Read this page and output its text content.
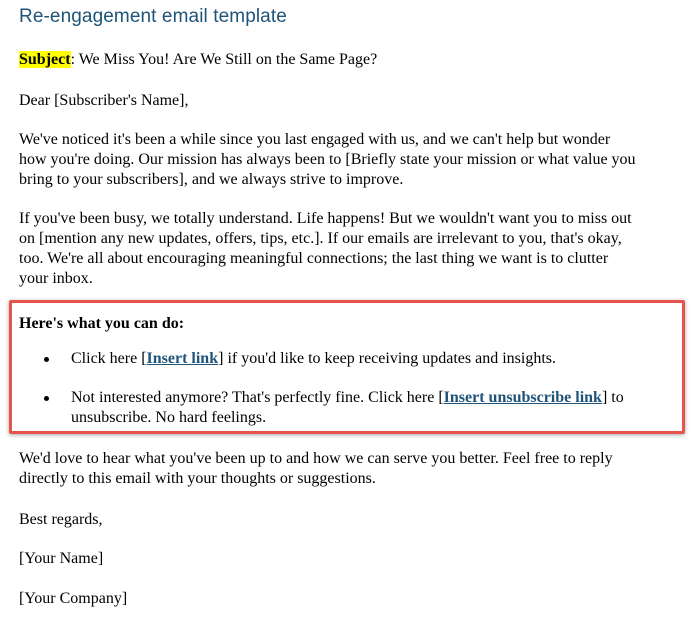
Re-engagement email template

Subject: We Miss You! Are We Still on the Same Page?

Dear [Subscriber's Name],

We've noticed it's been a while since you last engaged with us, and we can't help but wonder
how you're doing. Our mission has always been to [Briefly state your mission or what value you
bring to your subscribers], and we always strive to improve.
If you've been busy, we totally understand. Life happens! But we wouldn't want you to miss out
on [mention any new updates, offers, tips, etc.]. If our emails are irrelevant to you, that's okay,
too. We're all about encouraging meaningful connections; the last thing we want is to clutter
your inbox.

Here's what you can do:

Click here [Insert link] if you'd like to keep receiving updates and insights.
Not interested anymore? That's perfectly fine. Click here [Insert unsubscribe link] to
unsubscribe. No hard feelings.
We'd love to hear what you've been up to and how we can serve you better. Feel free to reply
directly to this email with your thoughts or suggestions.

Best regards,

[Your Name]

[Your Company]
